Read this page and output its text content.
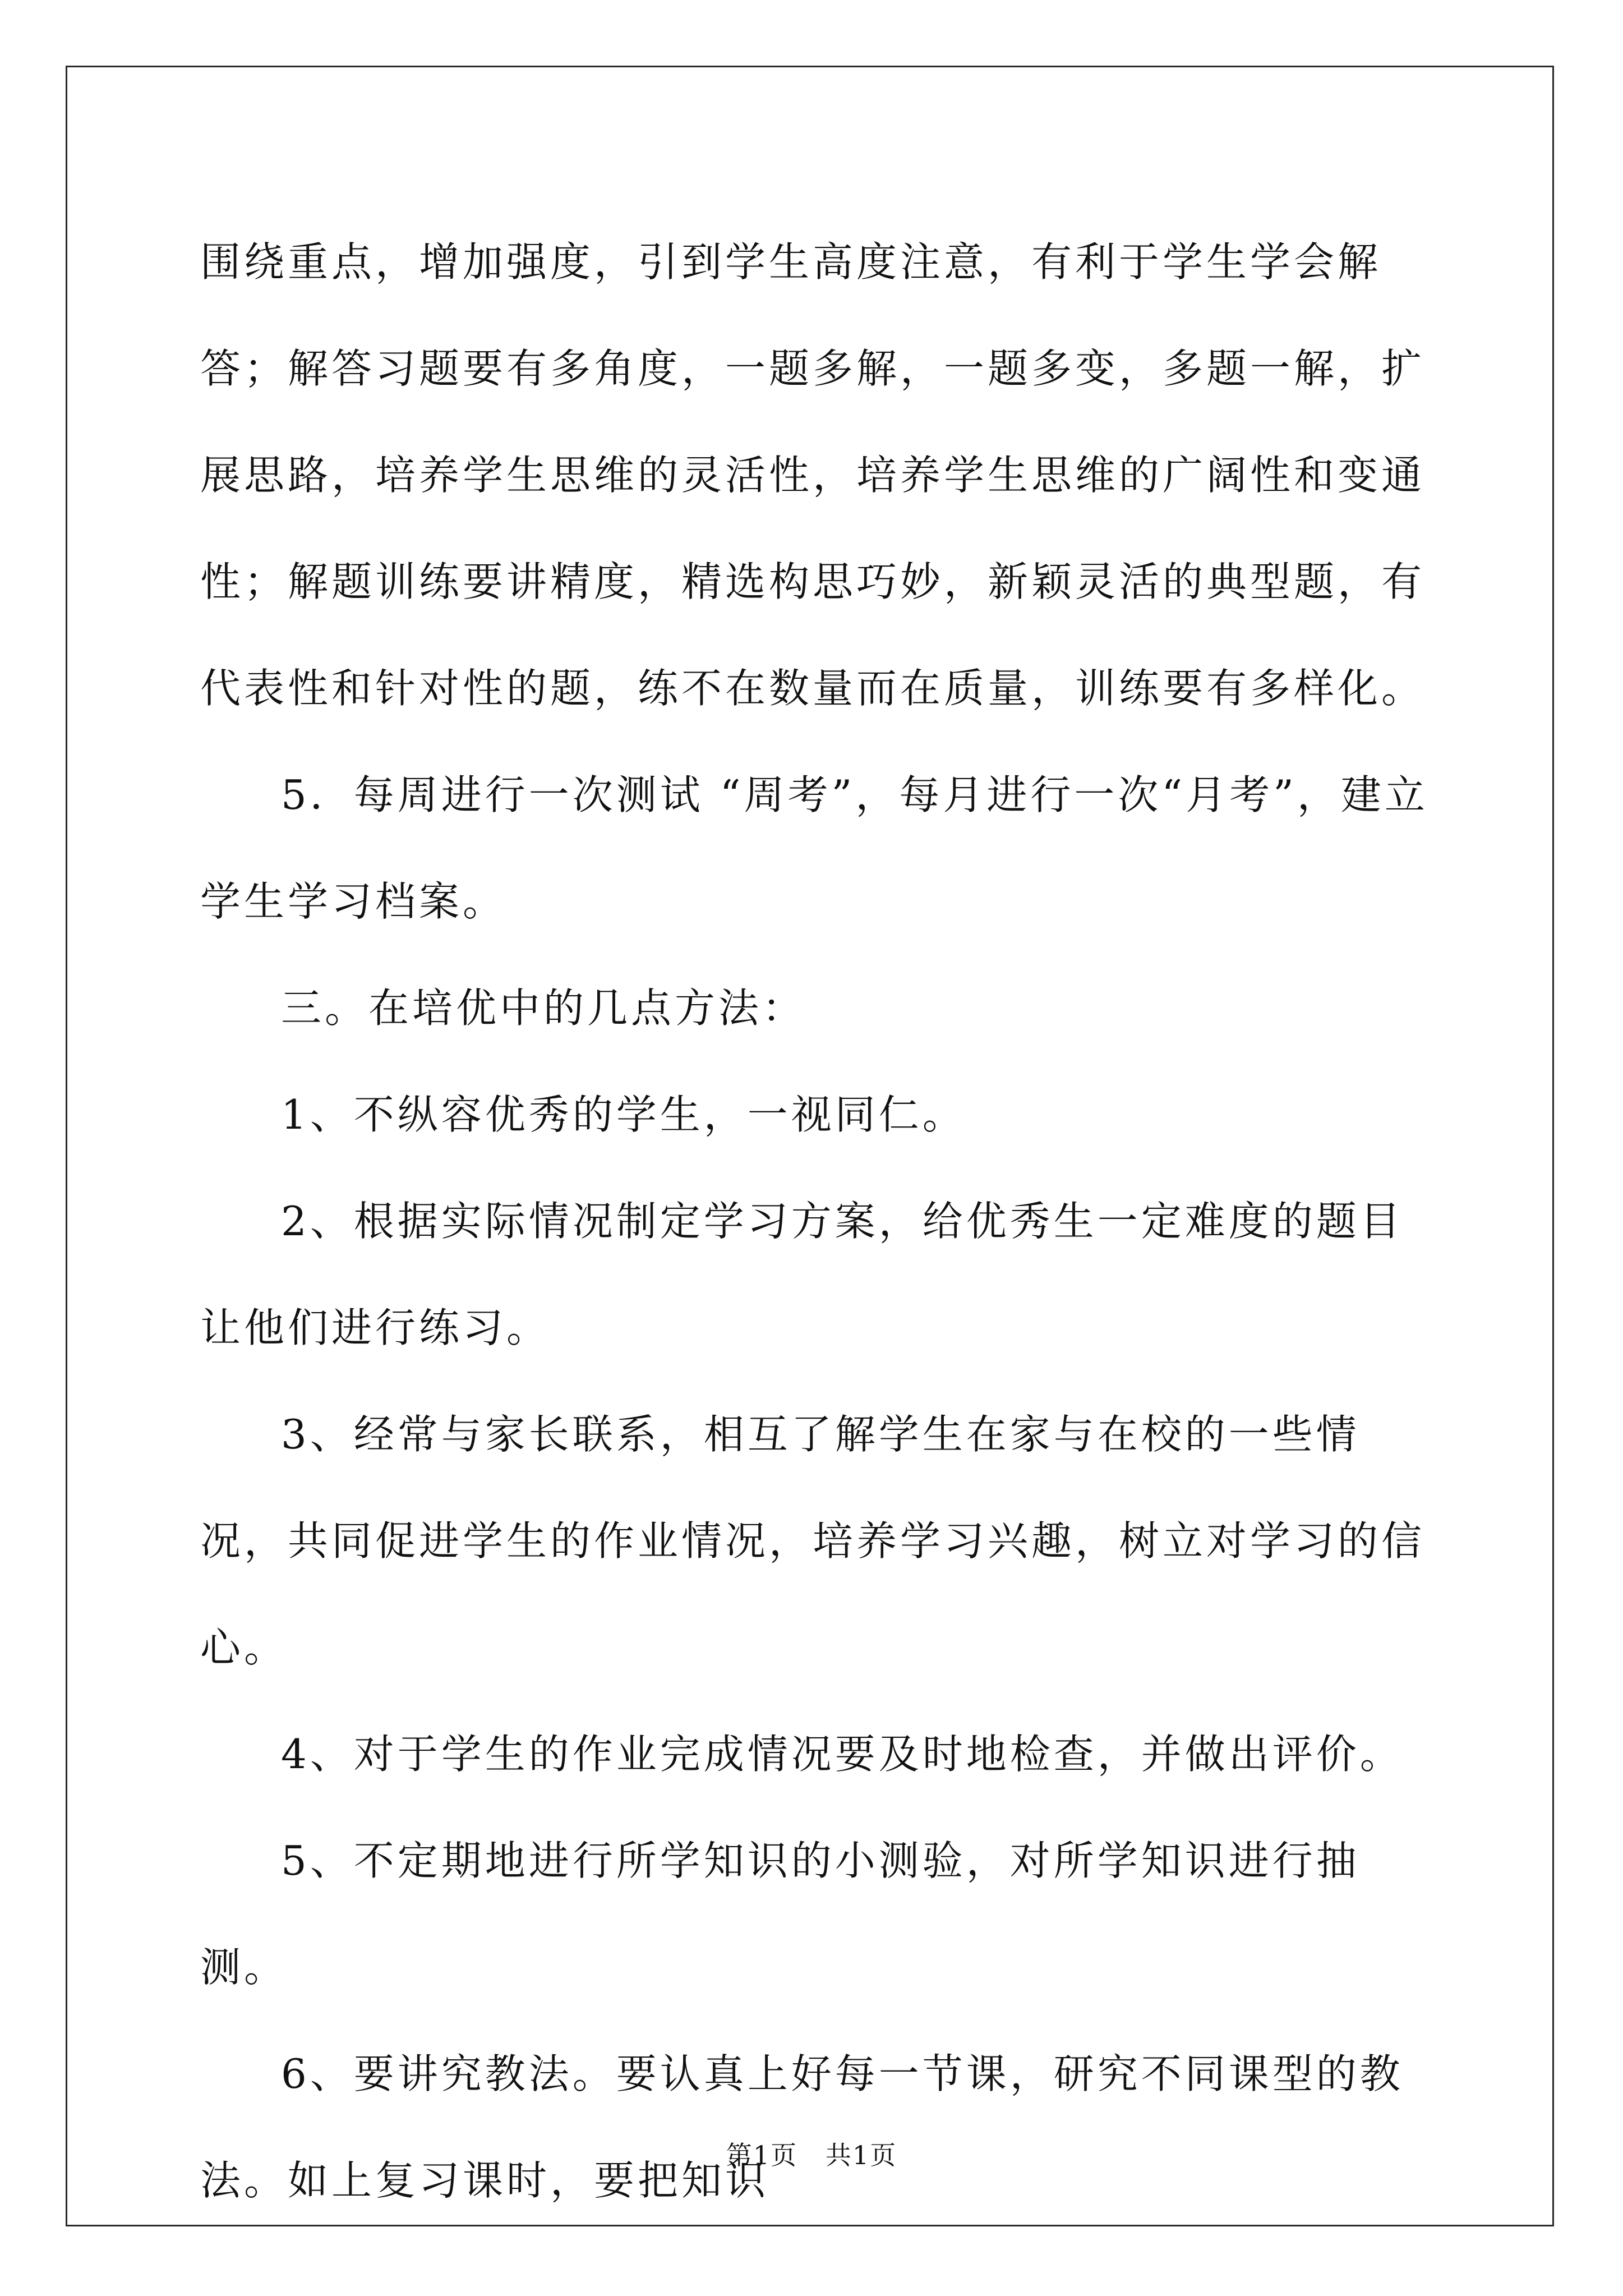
围绕重点，增加强度，引到学生高度注意，有利于学生学会解答；解答习题要有多角度，一题多解，一题多变，多题一解，扩展思路，培养学生思维的灵活性，培养学生思维的广阔性和变通性；解题训练要讲精度，精选构思巧妙，新颖灵活的典型题，有代表性和针对性的题，练不在数量而在质量，训练要有多样化。

5．每周进行一次测试 “周考”，每月进行一次“月考”，建立学生学习档案。

三。在培优中的几点方法：

1、不纵容优秀的学生，一视同仁。

2、根据实际情况制定学习方案，给优秀生一定难度的题目让他们进行练习。

3、经常与家长联系，相互了解学生在家与在校的一些情况，共同促进学生的作业情况，培养学习兴趣，树立对学习的信心。

4、对于学生的作业完成情况要及时地检查，并做出评价。

5、不定期地进行所学知识的小测验，对所学知识进行抽测。

6、要讲究教法。要认真上好每一节课，研究不同课型的教法。如上复习课时，要把知识

第1页   共1页
